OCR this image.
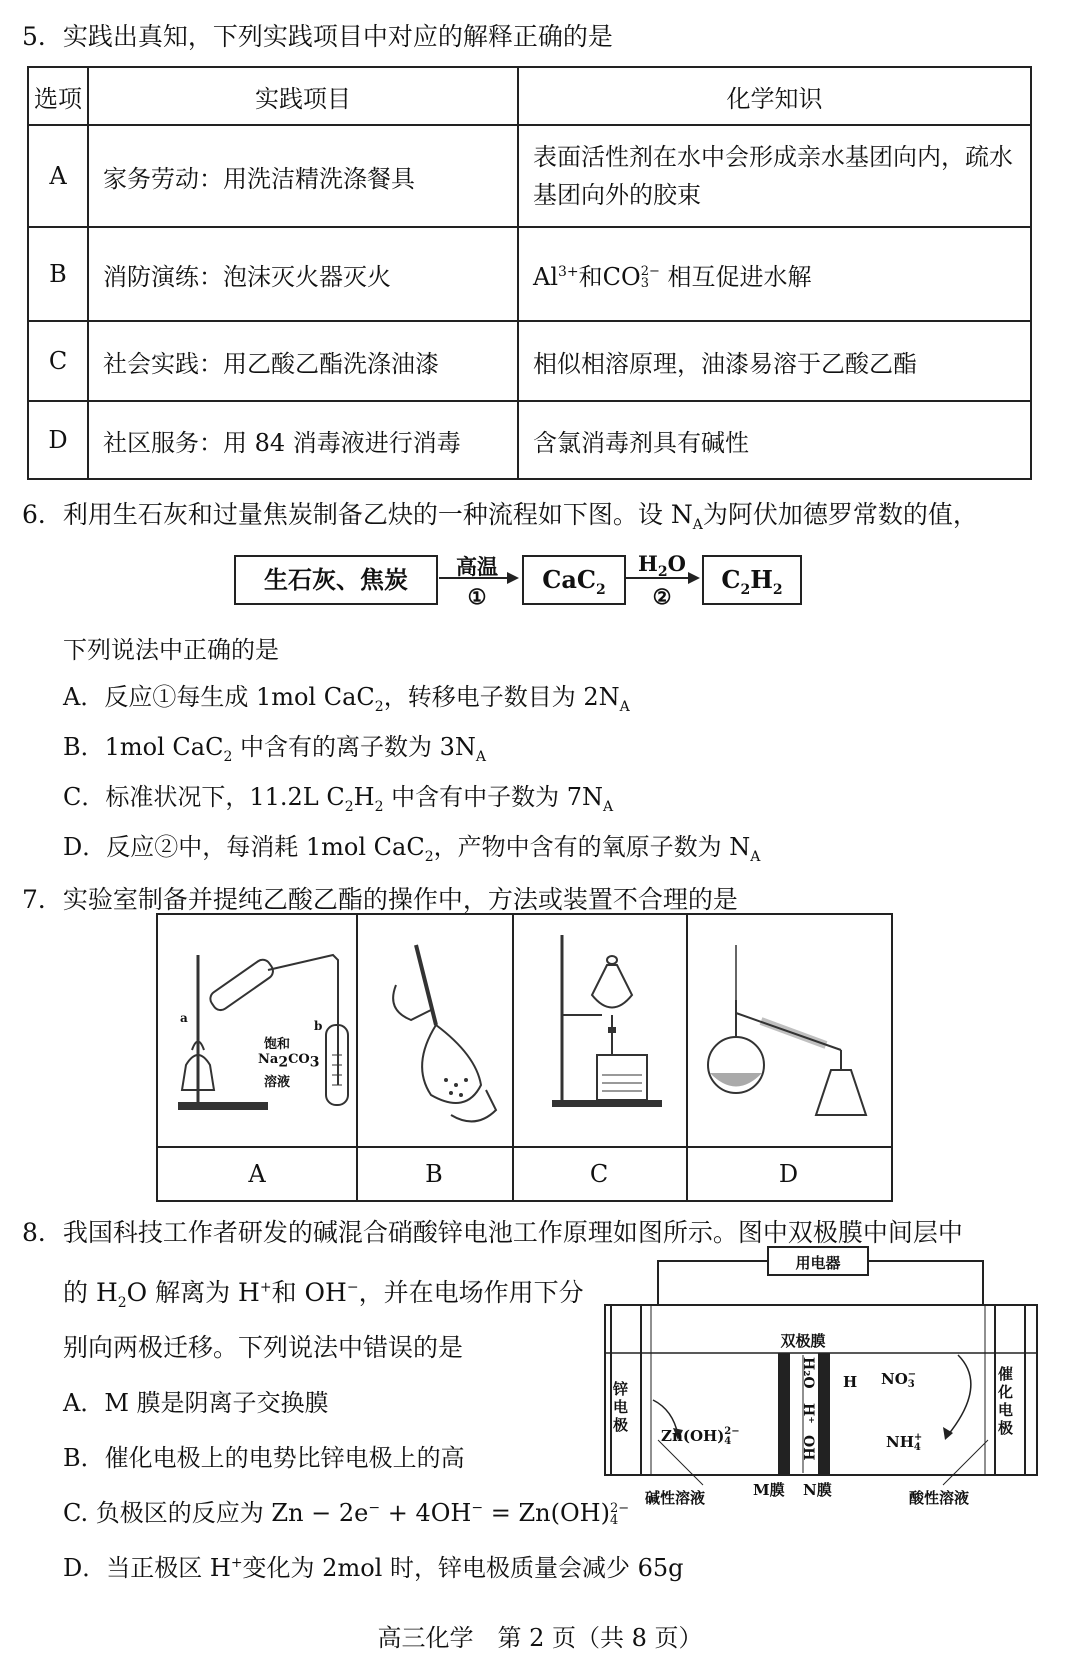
5．实践出真知，下列实践项目中对应的解释正确的是
选项	实践项目	化学知识
A	家务劳动：用洗洁精洗涤餐具	表面活性剂在水中会形成亲水基团向内，疏水基团向外的胶束
B	消防演练：泡沫灭火器灭火	$Al^{3+}$和CO 2−
3 相互促进水解
C	社会实践：用乙酸乙酯洗涤油漆	相似相溶原理，油漆易溶于乙酸乙酯
D	社区服务：用 84 消毒液进行消毒	含氯消毒剂具有碱性
6．利用生石灰和过量焦炭制备乙炔的一种流程如下图。设 $N_A$为阿伏加德罗常数的值，
生石灰、焦炭	高温
①
CaC$_2$
$H_2O$
②
$C_2H_2$
下列说法中正确的是
A．反应①每生成 1mol CaC$_2$，转移电子数目为 $2N_A$
B．1mol CaC$_2$ 中含有的离子数为 $3N_A$
C．标准状况下，11.2L $C_2H_2$ 中含有中子数为 $7N_A$
D．反应②中，每消耗 1mol CaC$_2$，产物中含有的氧原子数为 $N_A$
7．实验室制备并提纯乙酸乙酯的操作中，方法或装置不合理的是
饱和
$Na_2CO_3$
溶液
b
a
A	B	C	D
8．我国科技工作者研发的碱混合硝酸锌电池工作原理如图所示。图中双极膜中间层中
的 $H_2O$ 解离为 H+和 OH−，并在电场作用下分
别向两极迁移。下列说法中错误的是
A．M 膜是阴离子交换膜
B．催化电极上的电势比锌电极上的高
C. 负极区的反应为 Zn − 2e− + 4OH− = Zn(OH) 2−
4
D．当正极区 H+变化为 2mol 时，锌电极质量会减少 65g
用电器
双极膜
锌电极
催化电极
Zn(OH) 2−
4
H NO −
3
NH +
4
H₂O
H⁺
OH
M膜 N膜
碱性溶液	酸性溶液
高三化学　第 2 页（共 8 页）
